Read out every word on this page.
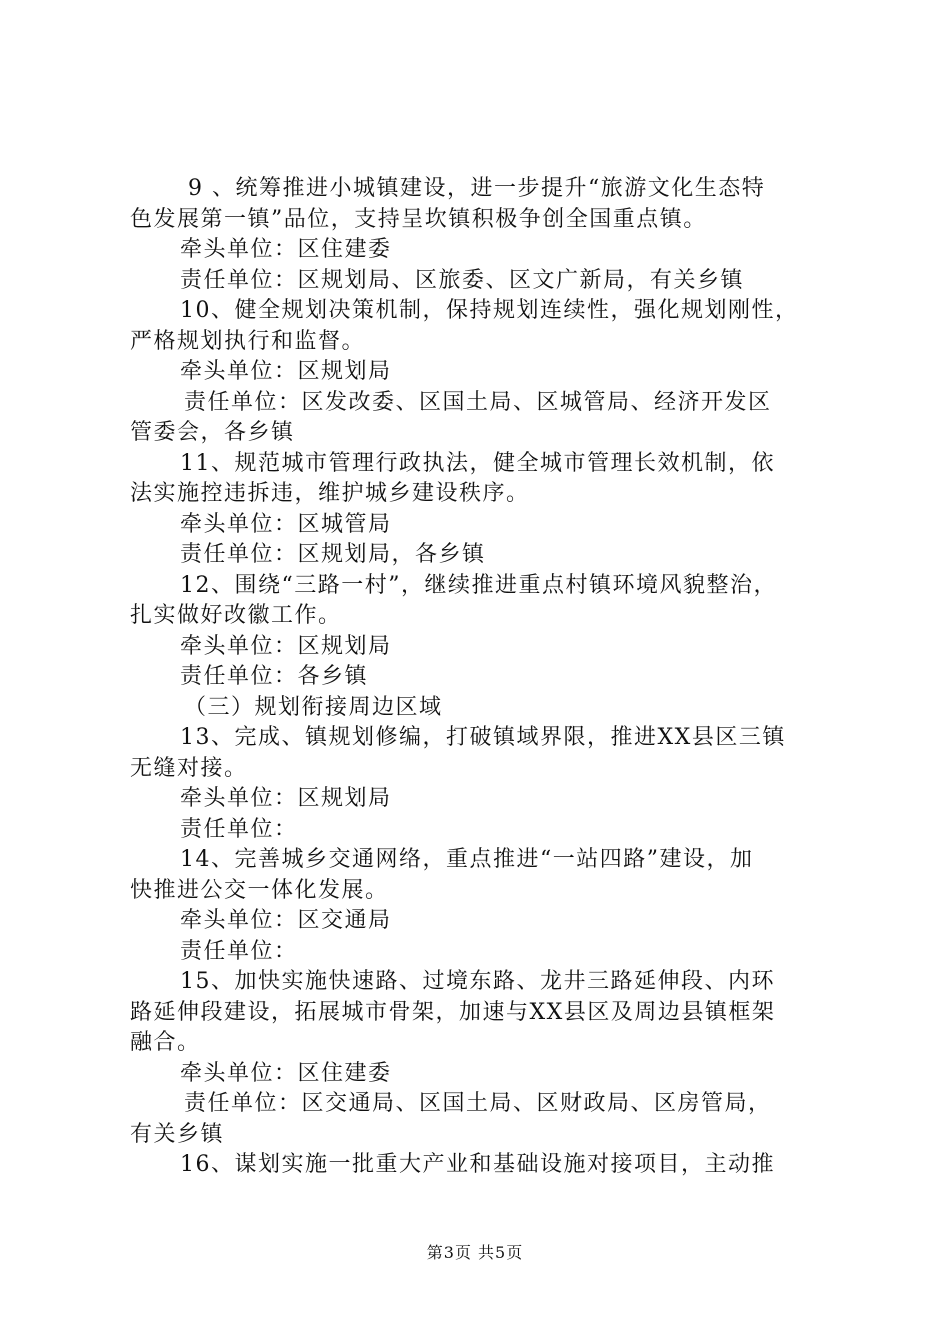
9 、统筹推进小城镇建设，进一步提升“旅游文化生态特
色发展第一镇”品位，支持呈坎镇积极争创全国重点镇。
牵头单位：区住建委
责任单位：区规划局、区旅委、区文广新局，有关乡镇
10、健全规划决策机制，保持规划连续性，强化规划刚性，
严格规划执行和监督。
牵头单位：区规划局
责任单位：区发改委、区国土局、区城管局、经济开发区
管委会，各乡镇
11、规范城市管理行政执法，健全城市管理长效机制，依
法实施控违拆违，维护城乡建设秩序。
牵头单位：区城管局
责任单位：区规划局，各乡镇
12、围绕“三路一村”，继续推进重点村镇环境风貌整治，
扎实做好改徽工作。
牵头单位：区规划局
责任单位：各乡镇
（三）规划衔接周边区域
13、完成、镇规划修编，打破镇域界限，推进XX县区三镇
无缝对接。
牵头单位：区规划局
责任单位：
14、完善城乡交通网络，重点推进“一站四路”建设，加
快推进公交一体化发展。
牵头单位：区交通局
责任单位：
15、加快实施快速路、过境东路、龙井三路延伸段、内环
路延伸段建设，拓展城市骨架，加速与XX县区及周边县镇框架
融合。
牵头单位：区住建委
责任单位：区交通局、区国土局、区财政局、区房管局，
有关乡镇
16、谋划实施一批重大产业和基础设施对接项目，主动推
第3页 共5页
